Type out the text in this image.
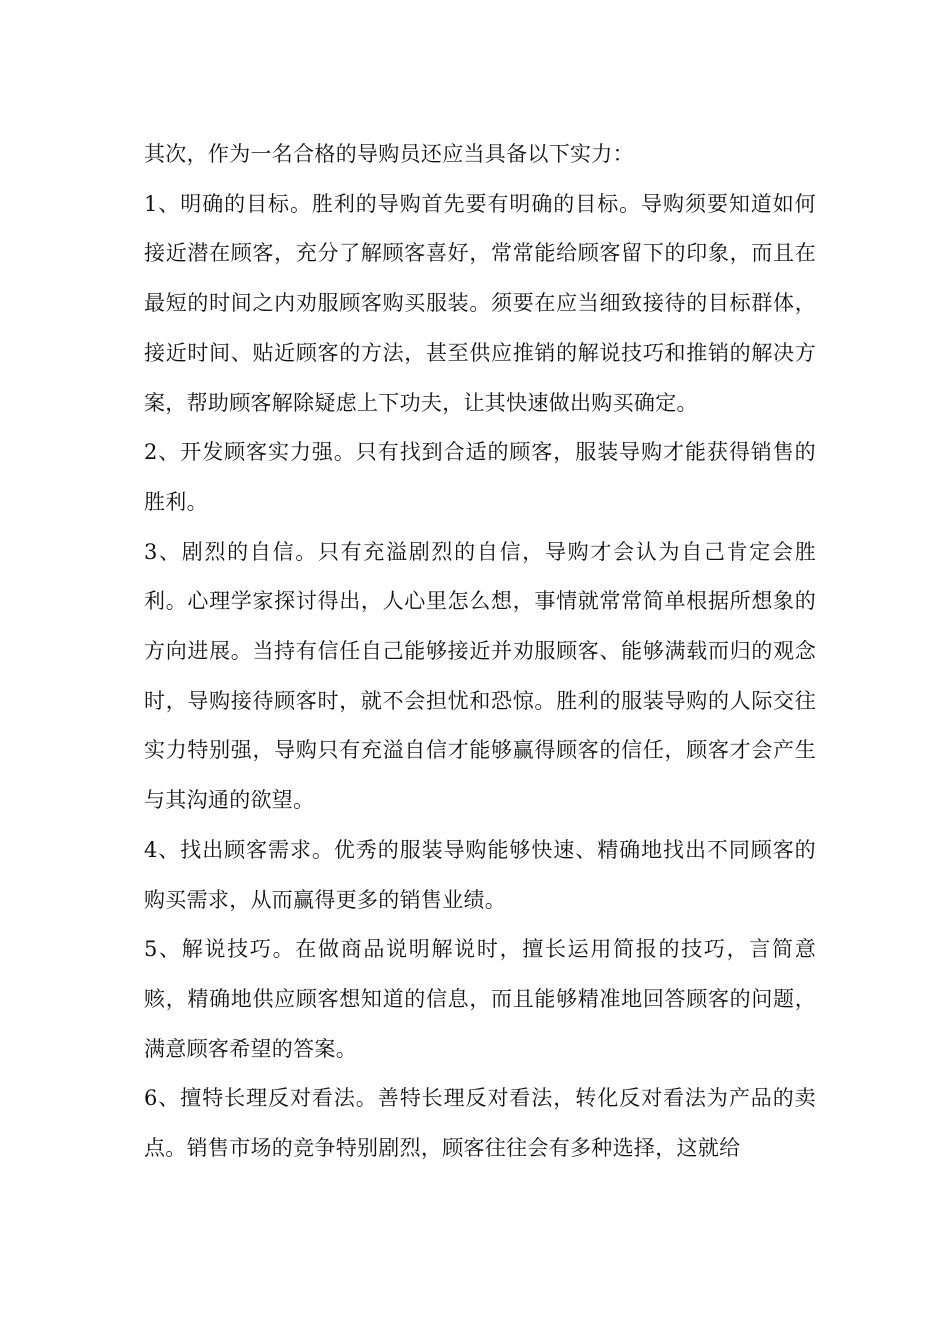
其次，作为一名合格的导购员还应当具备以下实力：

1、明确的目标。胜利的导购首先要有明确的目标。导购须要知道如何接近潜在顾客，充分了解顾客喜好，常常能给顾客留下的印象，而且在最短的时间之内劝服顾客购买服装。须要在应当细致接待的目标群体，接近时间、贴近顾客的方法，甚至供应推销的解说技巧和推销的解决方案，帮助顾客解除疑虑上下功夫，让其快速做出购买确定。

2、开发顾客实力强。只有找到合适的顾客，服装导购才能获得销售的胜利。

3、剧烈的自信。只有充溢剧烈的自信，导购才会认为自己肯定会胜利。心理学家探讨得出，人心里怎么想，事情就常常简单根据所想象的方向进展。当持有信任自己能够接近并劝服顾客、能够满载而归的观念时，导购接待顾客时，就不会担忧和恐惊。胜利的服装导购的人际交往实力特别强，导购只有充溢自信才能够赢得顾客的信任，顾客才会产生与其沟通的欲望。

4、找出顾客需求。优秀的服装导购能够快速、精确地找出不同顾客的购买需求，从而赢得更多的销售业绩。

5、解说技巧。在做商品说明解说时，擅长运用简报的技巧，言简意赅，精确地供应顾客想知道的信息，而且能够精准地回答顾客的问题，满意顾客希望的答案。

6、擅特长理反对看法。善特长理反对看法，转化反对看法为产品的卖点。销售市场的竞争特别剧烈，顾客往往会有多种选择，这就给
